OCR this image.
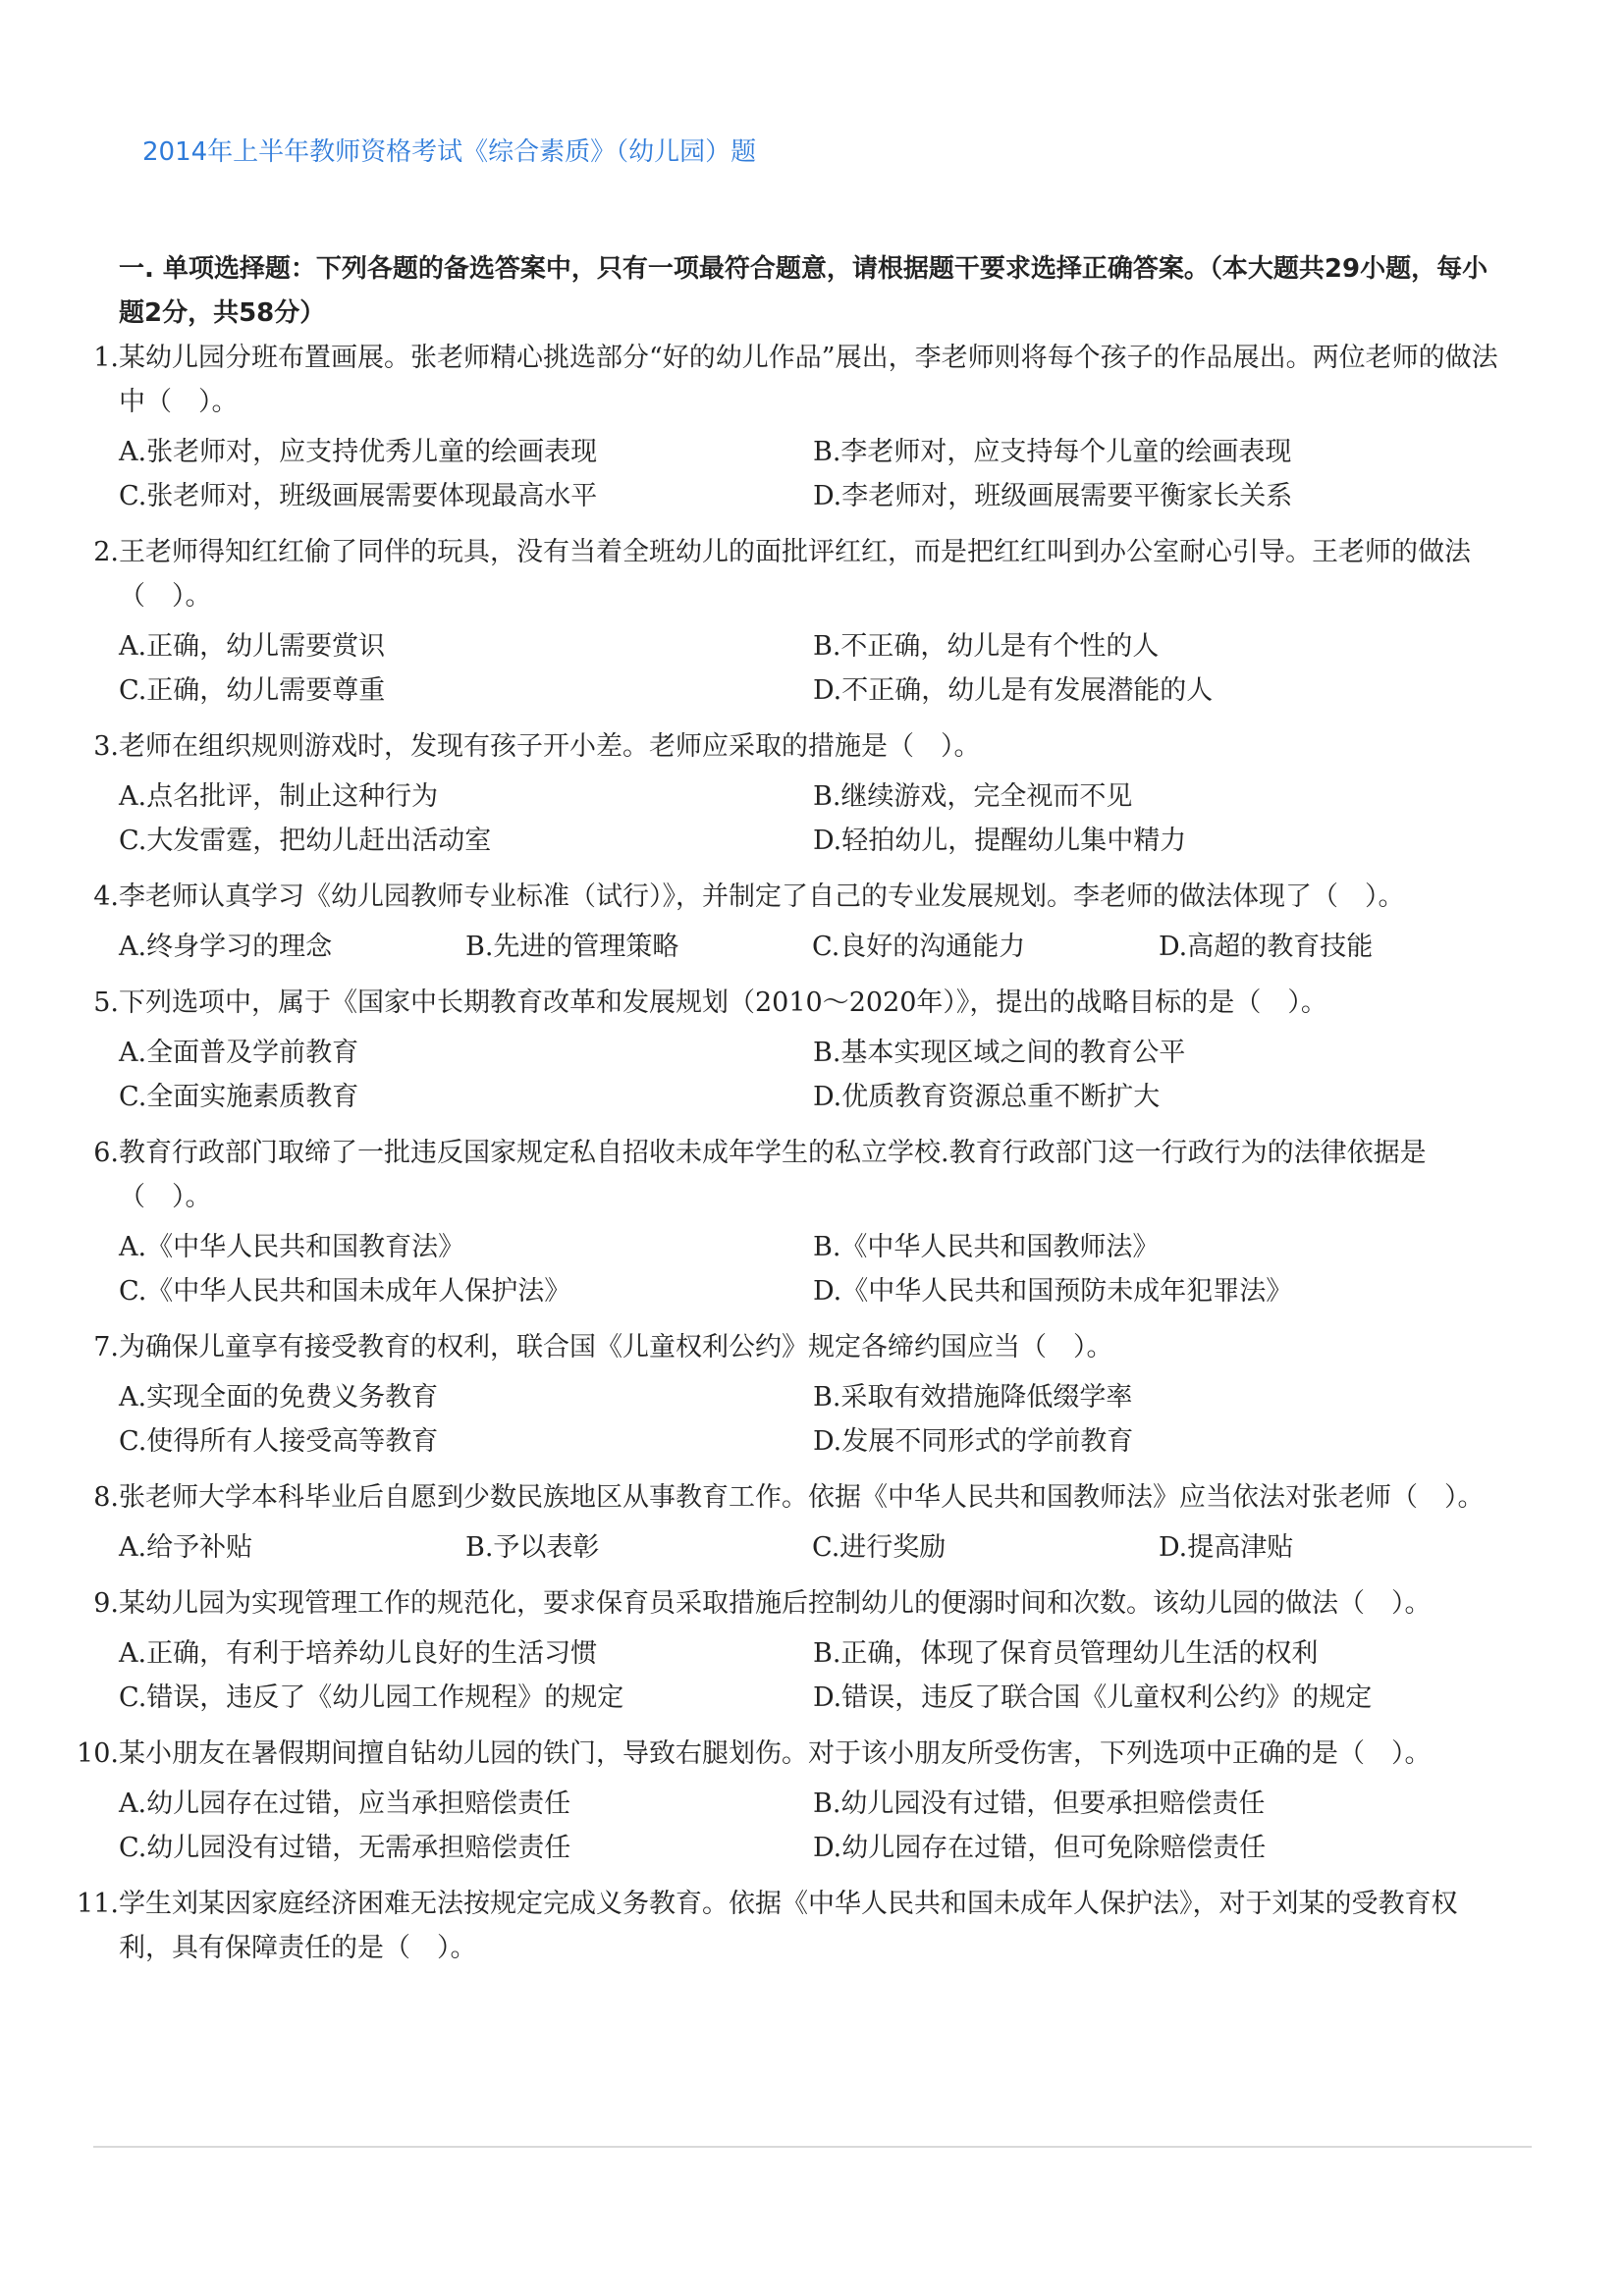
2014年上半年教师资格考试《综合素质》（幼儿园）题
一. 单项选择题：下列各题的备选答案中，只有一项最符合题意，请根据题干要求选择正确答案。（本大题共29小题，每小题2分，共58分）
1. 某幼儿园分班布置画展。张老师精心挑选部分“好的幼儿作品”展出，李老师则将每个孩子的作品展出。两位老师的做法中（　）。
A.张老师对，应支持优秀儿童的绘画表现	B.李老师对，应支持每个儿童的绘画表现
C.张老师对，班级画展需要体现最高水平	D.李老师对，班级画展需要平衡家长关系
2. 王老师得知红红偷了同伴的玩具，没有当着全班幼儿的面批评红红，而是把红红叫到办公室耐心引导。王老师的做法（　）。
A.正确，幼儿需要赏识	B.不正确，幼儿是有个性的人
C.正确，幼儿需要尊重	D.不正确，幼儿是有发展潜能的人
3. 老师在组织规则游戏时，发现有孩子开小差。老师应采取的措施是（　）。
A.点名批评，制止这种行为	B.继续游戏，完全视而不见
C.大发雷霆，把幼儿赶出活动室	D.轻拍幼儿，提醒幼儿集中精力
4. 李老师认真学习《幼儿园教师专业标准（试行）》，并制定了自己的专业发展规划。李老师的做法体现了（　）。
A.终身学习的理念	B.先进的管理策略	C.良好的沟通能力	D.高超的教育技能
5. 下列选项中，属于《国家中长期教育改革和发展规划（2010～2020年）》，提出的战略目标的是（　）。
A.全面普及学前教育	B.基本实现区域之间的教育公平
C.全面实施素质教育	D.优质教育资源总重不断扩大
6. 教育行政部门取缔了一批违反国家规定私自招收未成年学生的私立学校.教育行政部门这一行政行为的法律依据是（　）。
A.《中华人民共和国教育法》	B.《中华人民共和国教师法》
C.《中华人民共和国未成年人保护法》	D.《中华人民共和国预防未成年犯罪法》
7. 为确保儿童享有接受教育的权利，联合国《儿童权利公约》规定各缔约国应当（　）。
A.实现全面的免费义务教育	B.采取有效措施降低缀学率
C.使得所有人接受高等教育	D.发展不同形式的学前教育
8. 张老师大学本科毕业后自愿到少数民族地区从事教育工作。依据《中华人民共和国教师法》应当依法对张老师（　）。
A.给予补贴	B.予以表彰	C.进行奖励	D.提高津贴
9. 某幼儿园为实现管理工作的规范化，要求保育员采取措施后控制幼儿的便溺时间和次数。该幼儿园的做法（　）。
A.正确，有利于培养幼儿良好的生活习惯	B.正确，体现了保育员管理幼儿生活的权利
C.错误，违反了《幼儿园工作规程》的规定	D.错误，违反了联合国《儿童权利公约》的规定
10. 某小朋友在暑假期间擅自钻幼儿园的铁门，导致右腿划伤。对于该小朋友所受伤害，下列选项中正确的是（　）。
A.幼儿园存在过错，应当承担赔偿责任	B.幼儿园没有过错，但要承担赔偿责任
C.幼儿园没有过错，无需承担赔偿责任	D.幼儿园存在过错，但可免除赔偿责任
11. 学生刘某因家庭经济困难无法按规定完成义务教育。依据《中华人民共和国未成年人保护法》，对于刘某的受教育权利，具有保障责任的是（　）。
